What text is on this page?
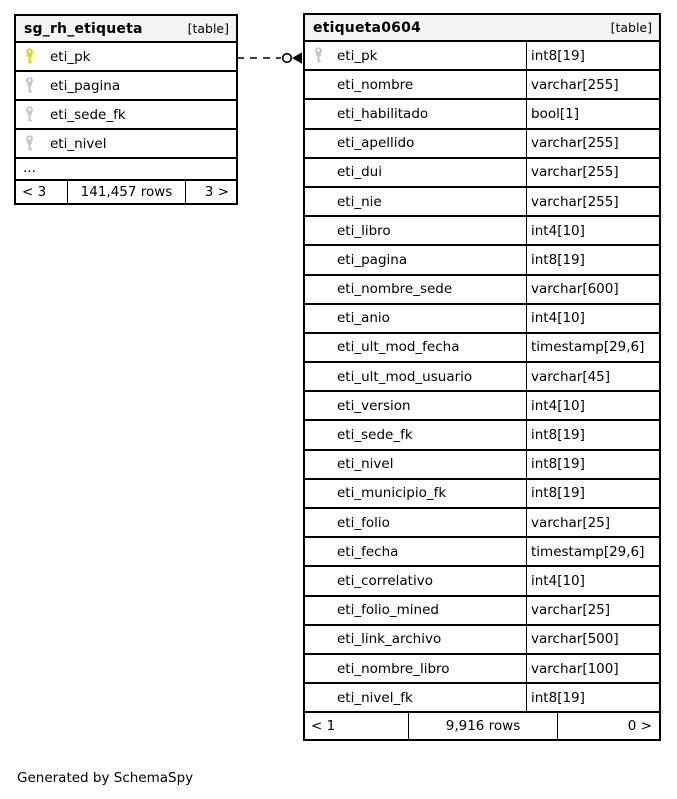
sg_rh_etiqueta	[table]
eti_pk
eti_pagina
eti_sede_fk
eti_nivel
...
< 3	141,457 rows	3 >
etiqueta0604	[table]
eti_pk	int8[19]
eti_nombre	varchar[255]
eti_habilitado	bool[1]
eti_apellido	varchar[255]
eti_dui	varchar[255]
eti_nie	varchar[255]
eti_libro	int4[10]
eti_pagina	int8[19]
eti_nombre_sede	varchar[600]
eti_anio	int4[10]
eti_ult_mod_fecha	timestamp[29,6]
eti_ult_mod_usuario	varchar[45]
eti_version	int4[10]
eti_sede_fk	int8[19]
eti_nivel	int8[19]
eti_municipio_fk	int8[19]
eti_folio	varchar[25]
eti_fecha	timestamp[29,6]
eti_correlativo	int4[10]
eti_folio_mined	varchar[25]
eti_link_archivo	varchar[500]
eti_nombre_libro	varchar[100]
eti_nivel_fk	int8[19]
< 1	9,916 rows	0 >
Generated by SchemaSpy
